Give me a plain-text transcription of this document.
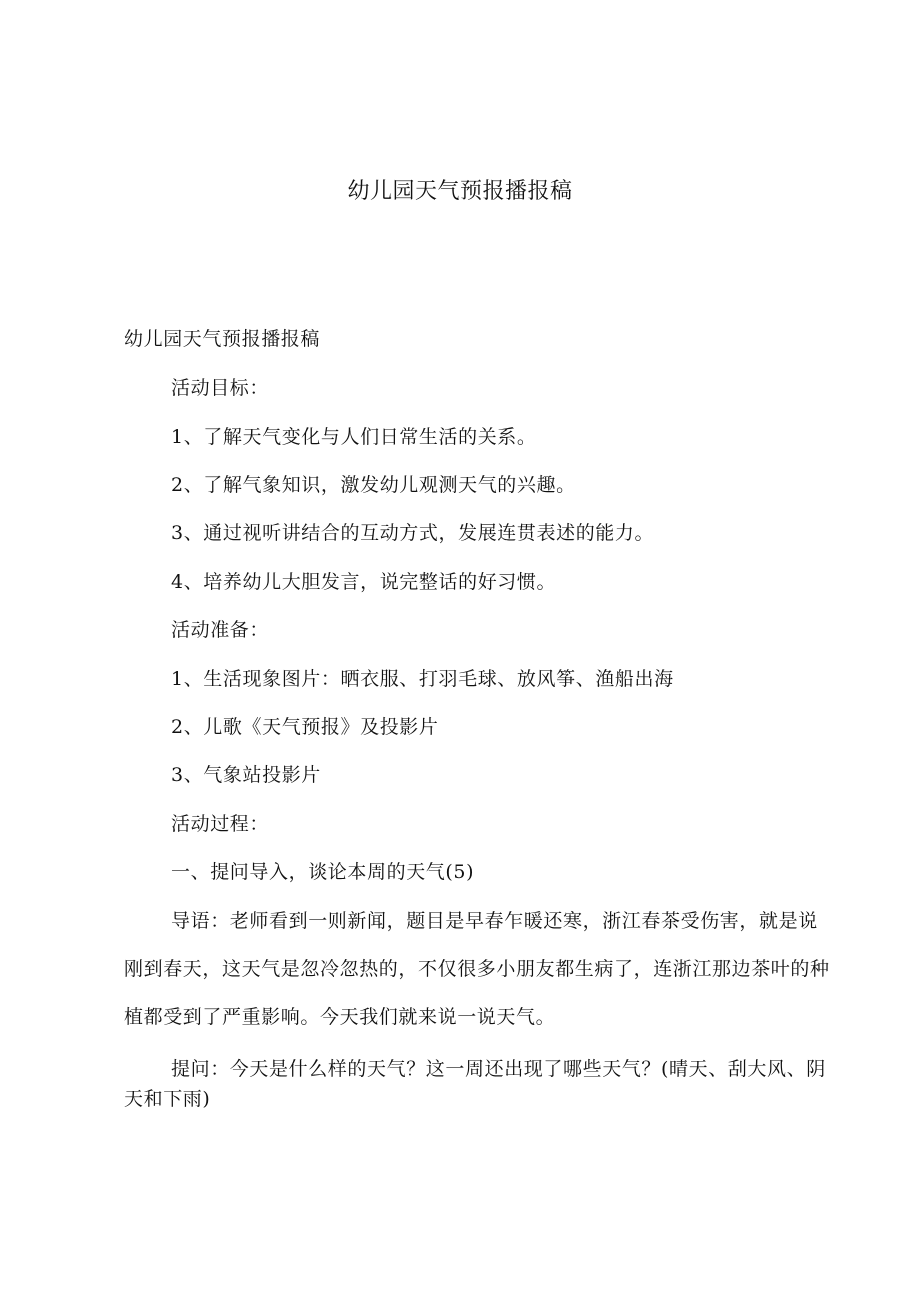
幼儿园天气预报播报稿

幼儿园天气预报播报稿

活动目标：

1、了解天气变化与人们日常生活的关系。

2、了解气象知识，激发幼儿观测天气的兴趣。

3、通过视听讲结合的互动方式，发展连贯表述的能力。

4、培养幼儿大胆发言，说完整话的好习惯。

活动准备：

1、生活现象图片：晒衣服、打羽毛球、放风筝、渔船出海

2、儿歌《天气预报》及投影片

3、气象站投影片

活动过程：

一、提问导入，谈论本周的天气(5)

导语：老师看到一则新闻，题目是早春乍暖还寒，浙江春茶受伤害，就是说刚到春天，这天气是忽冷忽热的，不仅很多小朋友都生病了，连浙江那边茶叶的种植都受到了严重影响。今天我们就来说一说天气。

提问：今天是什么样的天气？这一周还出现了哪些天气？(晴天、刮大风、阴天和下雨)
